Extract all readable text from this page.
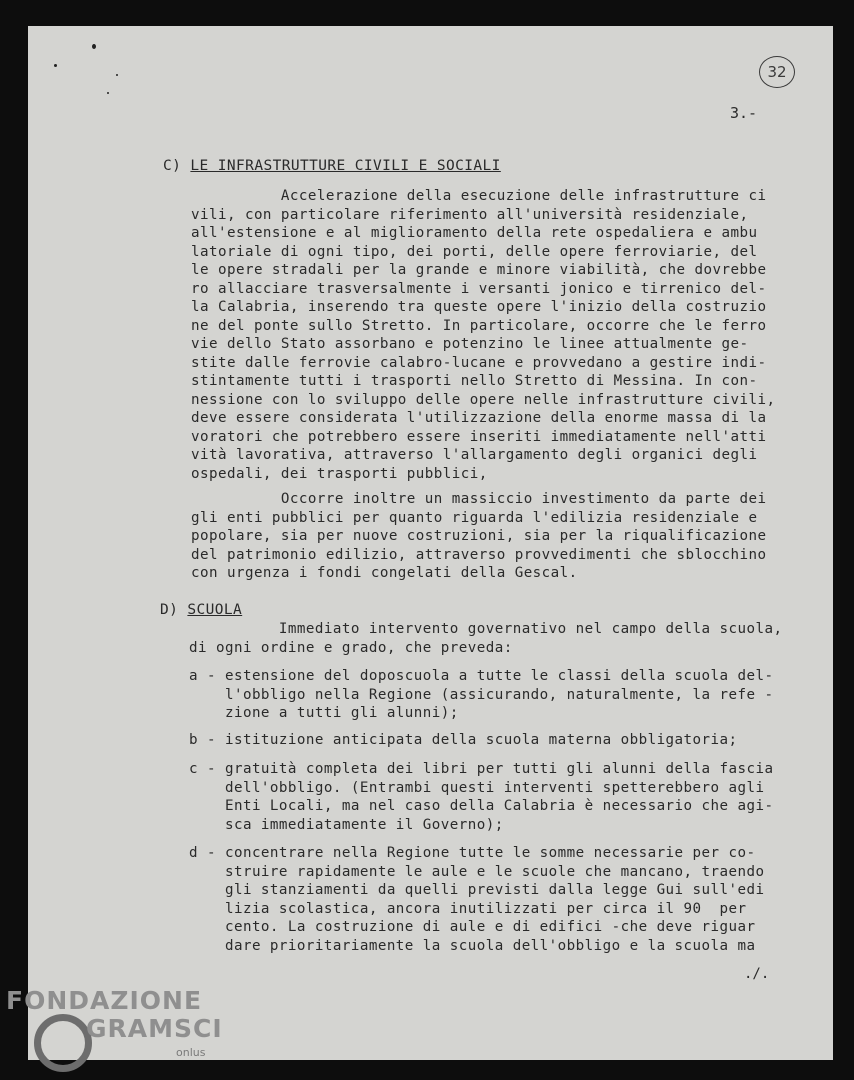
32
3.-
C) LE INFRASTRUTTURE CIVILI E SOCIALI

Accelerazione della esecuzione delle infrastrutture ci

vili, con particolare riferimento all'università residenziale,

all'estensione e al miglioramento della rete ospedaliera e ambu

latoriale di ogni tipo, dei porti, delle opere ferroviarie, del

le opere stradali per la grande e minore viabilità, che dovrebbe

ro allacciare trasversalmente i versanti jonico e tirrenico del-

la Calabria, inserendo tra queste opere l'inizio della costruzio

ne del ponte sullo Stretto. In particolare, occorre che le ferro

vie dello Stato assorbano e potenzino le linee attualmente ge-

stite dalle ferrovie calabro-lucane e provvedano a gestire indi-

stintamente tutti i trasporti nello Stretto di Messina. In con-

nessione con lo sviluppo delle opere nelle infrastrutture civili,

deve essere considerata l'utilizzazione della enorme massa di la

voratori che potrebbero essere inseriti immediatamente nell'atti

vità lavorativa, attraverso l'allargamento degli organici degli

ospedali, dei trasporti pubblici,

Occorre inoltre un massiccio investimento da parte dei

gli enti pubblici per quanto riguarda l'edilizia residenziale e

popolare, sia per nuove costruzioni, sia per la riqualificazione

del patrimonio edilizio, attraverso provvedimenti che sblocchino

con urgenza i fondi congelati della Gescal.

D) SCUOLA

Immediato intervento governativo nel campo della scuola,

di ogni ordine e grado, che preveda:

a - estensione del doposcuola a tutte le classi della scuola del-

l'obbligo nella Regione (assicurando, naturalmente, la refe -

zione a tutti gli alunni);

b - istituzione anticipata della scuola materna obbligatoria;

c - gratuità completa dei libri per tutti gli alunni della fascia

dell'obbligo. (Entrambi questi interventi spetterebbero agli

Enti Locali, ma nel caso della Calabria è necessario che agi-

sca immediatamente il Governo);

d - concentrare nella Regione tutte le somme necessarie per co-

struire rapidamente le aule e le scuole che mancano, traendo

gli stanziamenti da quelli previsti dalla legge Gui sull'edi

lizia scolastica, ancora inutilizzati per circa il 90  per

cento. La costruzione di aule e di edifici -che deve riguar

dare prioritariamente la scuola dell'obbligo e la scuola ma

./.
FONDAZIONE
GRAMSCI
onlus
